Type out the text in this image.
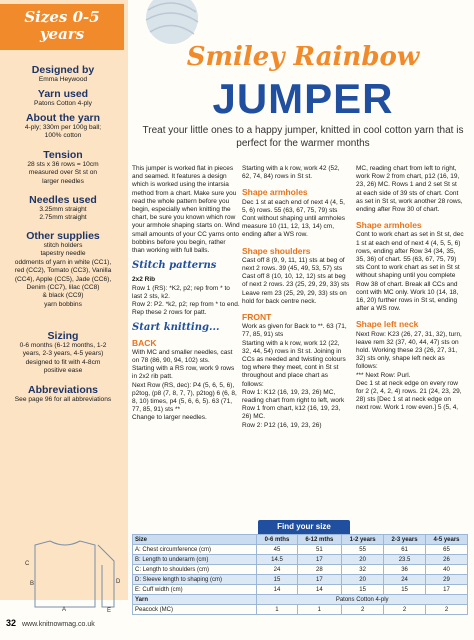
Sizes 0-5
years
Designed by
Emma Heywood
Yarn used
Patons Cotton 4-ply
About the yarn
4-ply; 330m per 100g ball;
100% cotton
Tension
28 sts x 36 rows = 10cm
measured over St st on
larger needles
Needles used
3.25mm straight
2.75mm straight
Other supplies
stitch holders
tapestry needle
oddments of yarn in white (CC1),
red (CC2), Tomato (CC3), Vanilla
(CC4), Apple (CC5), Jade (CC6),
Denim (CC7), lilac (CC8)
& black (CC9)
yarn bobbins
Sizing
0-6 months (6-12 months, 1-2
years, 2-3 years, 4-5 years)
designed to fit with 4-8cm
positive ease
Abbreviations
See page 96 for all abbreviations
Smiley Rainbow
JUMPER
Treat your little ones to a happy jumper, knitted in cool cotton yarn that is perfect for the warmer months

This jumper is worked flat in pieces and seamed. It features a design which is worked using the intarsia method from a chart. Make sure you read the whole pattern before you begin, especially when knitting the chart, be sure you known which row your armhole shaping starts on. Wind small amounts of your CC yarns onto bobbins before you begin, rather than working with full balls.

Stitch patterns
2x2 Rib
Row 1 (RS): *K2, p2; rep from * to last 2 sts, k2.
Row 2: P2. *k2, p2; rep from * to end.

Rep these 2 rows for patt.

Start knitting...
BACK
With MC and smaller needles, cast on 78 (86, 90, 94, 102) sts.
Starting with a RS row, work 9 rows in 2x2 rib patt.
Next Row (RS, dec): P4 (5, 6, 5, 6), p2tog, (p8 (7, 8, 7, 7), p2tog) 6 (6, 8, 8, 10) times, p4 (5, 6, 6, 5). 63 (71, 77, 85, 91) sts **
Change to larger needles.

Starting with a k row, work 42 (52, 62, 74, 84) rows in St st.

Shape armholes

Dec 1 st at each end of next 4 (4, 5, 5, 6) rows. 55 (63, 67, 75, 79) sts Cont without shaping until armholes measure 10 (11, 12, 13, 14) cm, ending after a WS row.

Shape shoulders
Cast off 8 (9, 9, 11, 11) sts at beg of next 2 rows. 39 (45, 49, 53, 57) sts
Cast off 8 (10, 10, 12, 12) sts at beg of next 2 rows. 23 (25, 29, 29, 33) sts

Leave rem 23 (25, 29, 29, 33) sts on hold for back centre neck.

FRONT
Work as given for Back to **. 63 (71, 77, 85, 91) sts
Starting with a k row, work 12 (22, 32, 44, 54) rows in St st. Joining in CCs as needed and twisting colours tog where they meet, cont in St st throughout and place chart as follows:
Row 1: K12 (16, 19, 23, 26) MC, reading chart from right to left, work Row 1 from chart, k12 (16, 19, 23, 26) MC.
Row 2: P12 (16, 19, 23, 26)

MC, reading chart from left to right, work Row 2 from chart, p12 (16, 19, 23, 26) MC. Rows 1 and 2 set St st at each side of 39 sts of chart. Cont as set in St st, work another 28 rows, ending after Row 30 of chart.

Shape armholes

Cont to work chart as set in St st, dec 1 st at each end of next 4 (4, 5, 5, 6) rows, ending after Row 34 (34, 35, 35, 36) of chart. 55 (63, 67, 75, 79) sts Cont to work chart as set in St st without shaping until you complete Row 38 of chart. Break all CCs and cont with MC only. Work 10 (14, 18, 16, 20) further rows in St st, ending after a WS row.

Shape left neck
Next Row: K23 (26, 27, 31, 32), turn, leave rem 32 (37, 40, 44, 47) sts on hold. Working these 23 (26, 27, 31, 32) sts only, shape left neck as follows:
*** Next Row: Purl.
Dec 1 st at neck edge on every row for 2 (2, 4, 2, 4) rows. 21 (24, 23, 29, 28) sts [Dec 1 st at neck edge on next row. Work 1 row even.] 5 (5, 4,
A
B
C
D
E
Find your size
Size	0-6 mths	6-12 mths	1-2 years	2-3 years	4-5 years
A: Chest circumference (cm)	45	51	55	61	65
B: Length to underarm (cm)	14.5	17	20	23.5	26
C: Length to shoulders (cm)	24	28	32	36	40
D: Sleeve length to shaping (cm)	15	17	20	24	29
E: Cuff width (cm)	14	14	15	15	17
Yarn	Patons Cotton 4-ply				
Peacock (MC)	1	1	2	2	2
32 www.knitnowmag.co.uk
